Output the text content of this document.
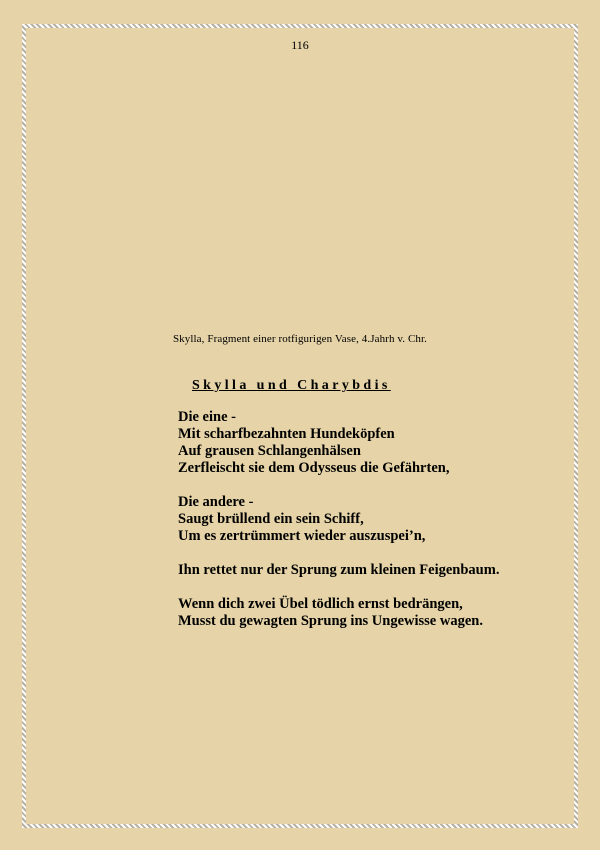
116
Skylla, Fragment einer rotfigurigen Vase, 4.Jahrh v. Chr.
Skylla und Charybdis
Die eine -
Mit scharfbezahnten Hundeköpfen
Auf grausen Schlangenhälsen
Zerfleischt sie dem Odysseus die Gefährten,
Die andere -
Saugt brüllend ein sein Schiff,
Um es zertrümmert wieder auszuspei’n,
Ihn rettet nur der Sprung zum kleinen Feigenbaum.
Wenn dich zwei Übel tödlich ernst bedrängen,
Musst du gewagten Sprung ins Ungewisse wagen.
